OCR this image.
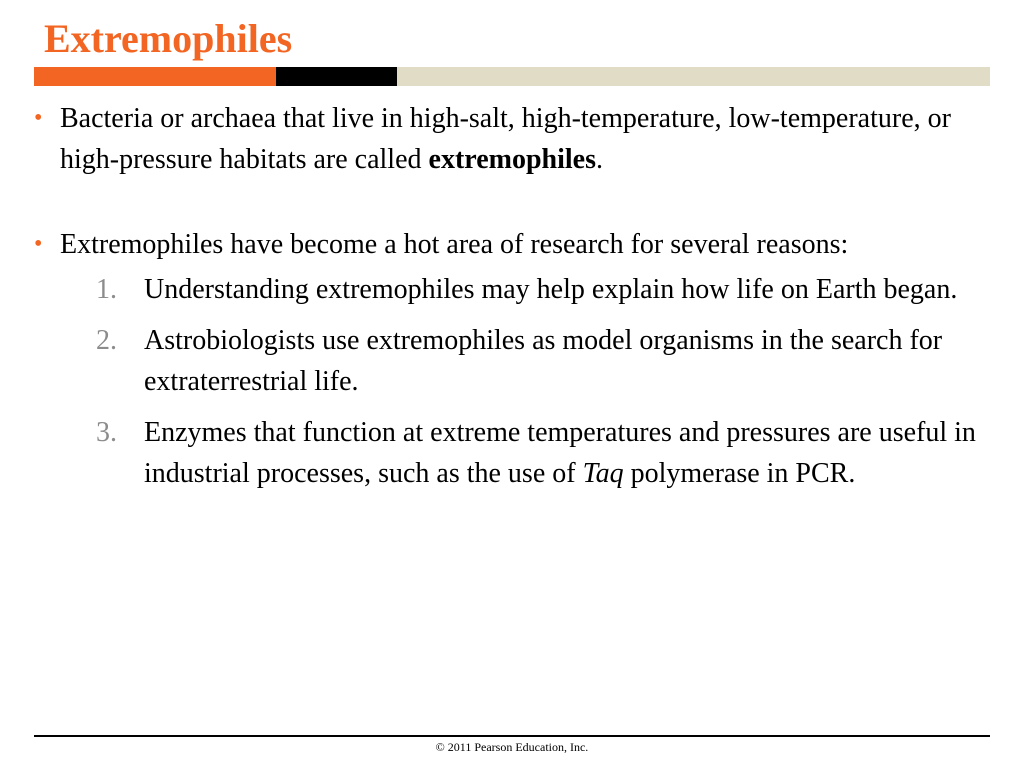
Extremophiles
• Bacteria or archaea that live in high-salt, high-temperature, low-temperature, or high-pressure habitats are called extremophiles.
• Extremophiles have become a hot area of research for several reasons:
1. Understanding extremophiles may help explain how life on Earth began.
2. Astrobiologists use extremophiles as model organisms in the search for extraterrestrial life.
3. Enzymes that function at extreme temperatures and pressures are useful in industrial processes, such as the use of Taq polymerase in PCR.
© 2011 Pearson Education, Inc.
